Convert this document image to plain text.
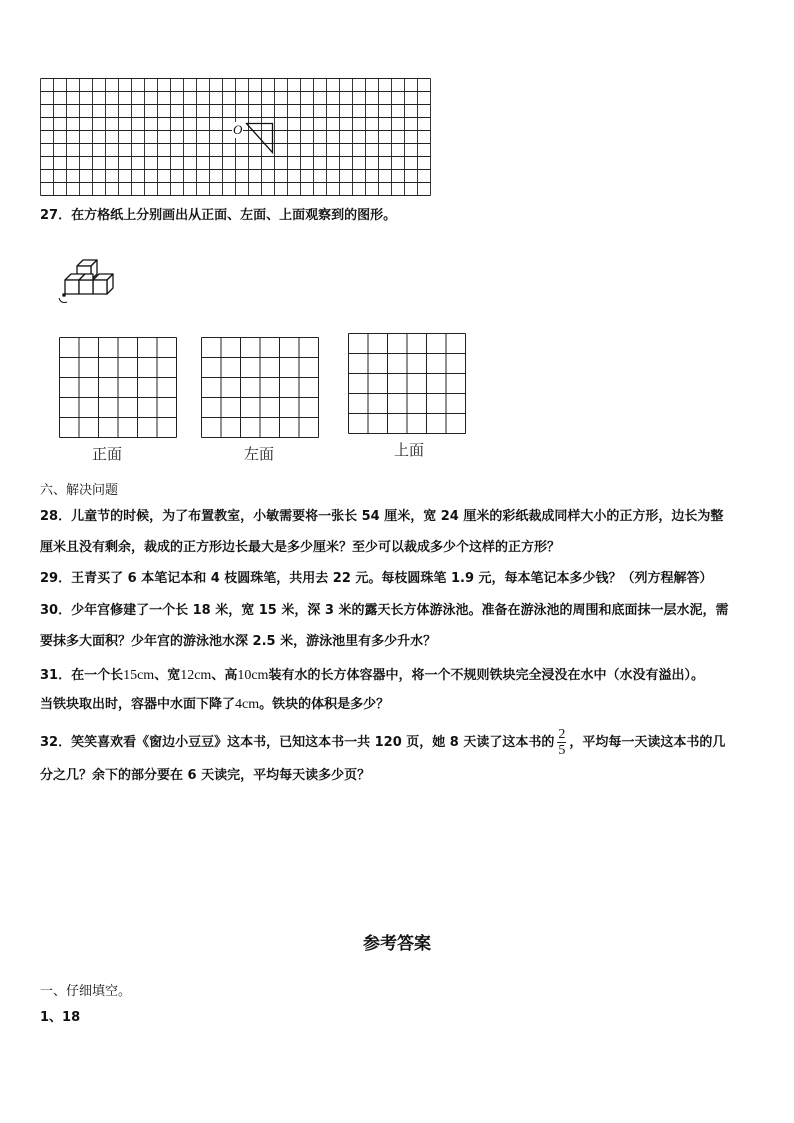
O
27．在方格纸上分别画出从正面、左面、上面观察到的图形。
正面	左面	上面
六、解决问题
28．儿童节的时候，为了布置教室，小敏需要将一张长 54 厘米，宽 24 厘米的彩纸裁成同样大小的正方形，边长为整
厘米且没有剩余，裁成的正方形边长最大是多少厘米？至少可以裁成多少个这样的正方形？
29．王青买了 6 本笔记本和 4 枝圆珠笔，共用去 22 元。每枝圆珠笔 1.9 元，每本笔记本多少钱？（列方程解答）
30．少年宫修建了一个长 18 米，宽 15 米，深 3 米的露天长方体游泳池。准备在游泳池的周围和底面抹一层水泥，需
要抹多大面积？少年宫的游泳池水深 2.5 米，游泳池里有多少升水？
31．在一个长15cm、宽12cm、高10cm装有水的长方体容器中，将一个不规则铁块完全浸没在水中（水没有溢出）。
当铁块取出时，容器中水面下降了4cm。铁块的体积是多少？
32．笑笑喜欢看《窗边小豆豆》这本书，已知这本书一共 120 页，她 8 天读了这本书的 $\frac{2}{5}$ ，平均每一天读这本书的几
分之几？余下的部分要在 6 天读完，平均每天读多少页？
参考答案
一、仔细填空。
1、18
